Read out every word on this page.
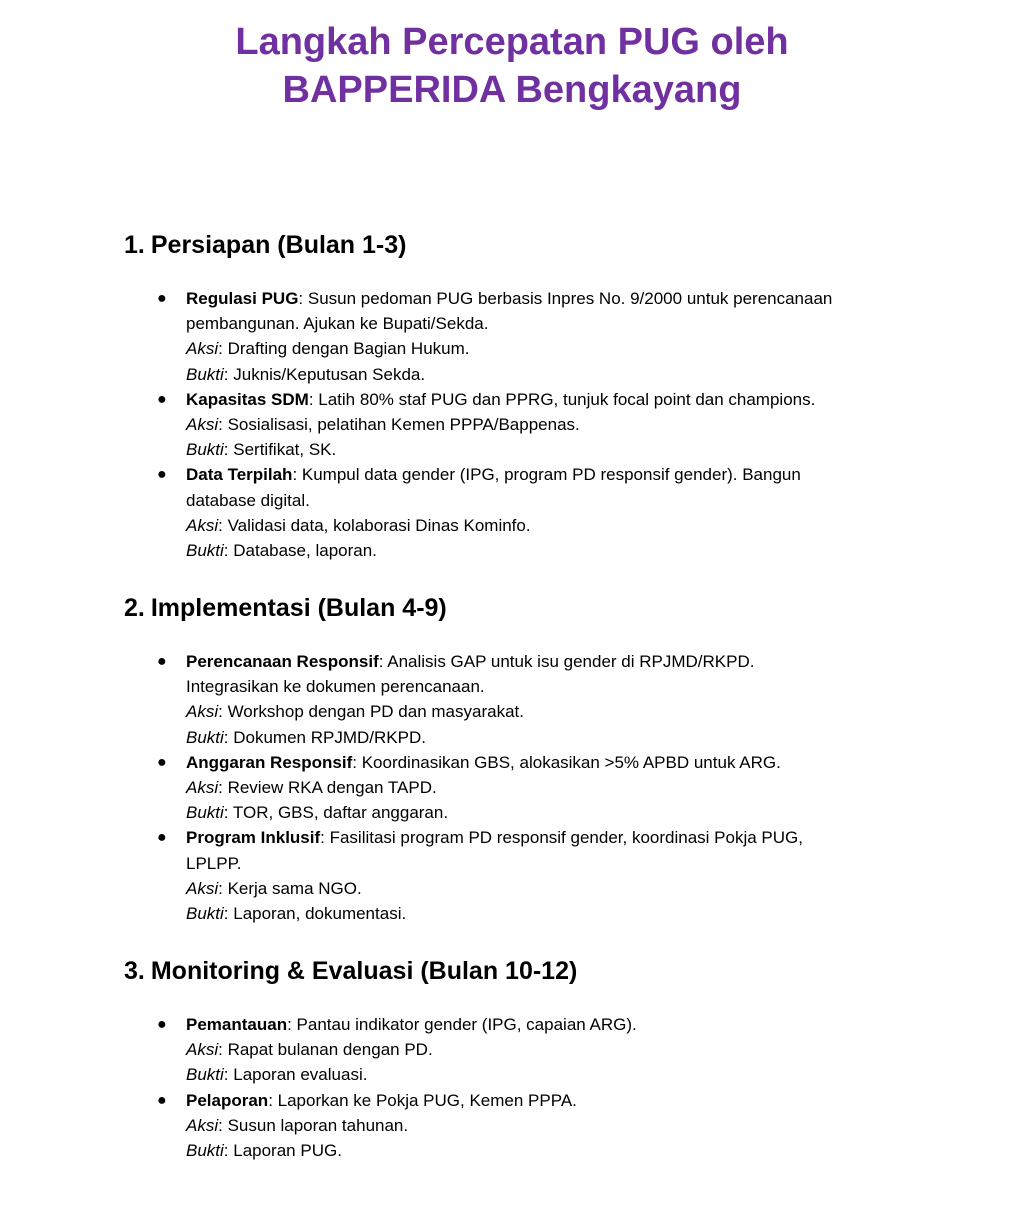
Langkah Percepatan PUG oleh
BAPPERIDA Bengkayang
1. Persiapan (Bulan 1-3)
● Regulasi PUG: Susun pedoman PUG berbasis Inpres No. 9/2000 untuk perencanaan
pembangunan. Ajukan ke Bupati/Sekda.
Aksi: Drafting dengan Bagian Hukum.
Bukti: Juknis/Keputusan Sekda.
● Kapasitas SDM: Latih 80% staf PUG dan PPRG, tunjuk focal point dan champions.
Aksi: Sosialisasi, pelatihan Kemen PPPA/Bappenas.
Bukti: Sertifikat, SK.
● Data Terpilah: Kumpul data gender (IPG, program PD responsif gender). Bangun
database digital.
Aksi: Validasi data, kolaborasi Dinas Kominfo.
Bukti: Database, laporan.
2. Implementasi (Bulan 4-9)
● Perencanaan Responsif: Analisis GAP untuk isu gender di RPJMD/RKPD.
Integrasikan ke dokumen perencanaan.
Aksi: Workshop dengan PD dan masyarakat.
Bukti: Dokumen RPJMD/RKPD.
● Anggaran Responsif: Koordinasikan GBS, alokasikan >5% APBD untuk ARG.
Aksi: Review RKA dengan TAPD.
Bukti: TOR, GBS, daftar anggaran.
● Program Inklusif: Fasilitasi program PD responsif gender, koordinasi Pokja PUG,
LPLPP.
Aksi: Kerja sama NGO.
Bukti: Laporan, dokumentasi.
3. Monitoring & Evaluasi (Bulan 10-12)
● Pemantauan: Pantau indikator gender (IPG, capaian ARG).
Aksi: Rapat bulanan dengan PD.
Bukti: Laporan evaluasi.
● Pelaporan: Laporkan ke Pokja PUG, Kemen PPPA.
Aksi: Susun laporan tahunan.
Bukti: Laporan PUG.
